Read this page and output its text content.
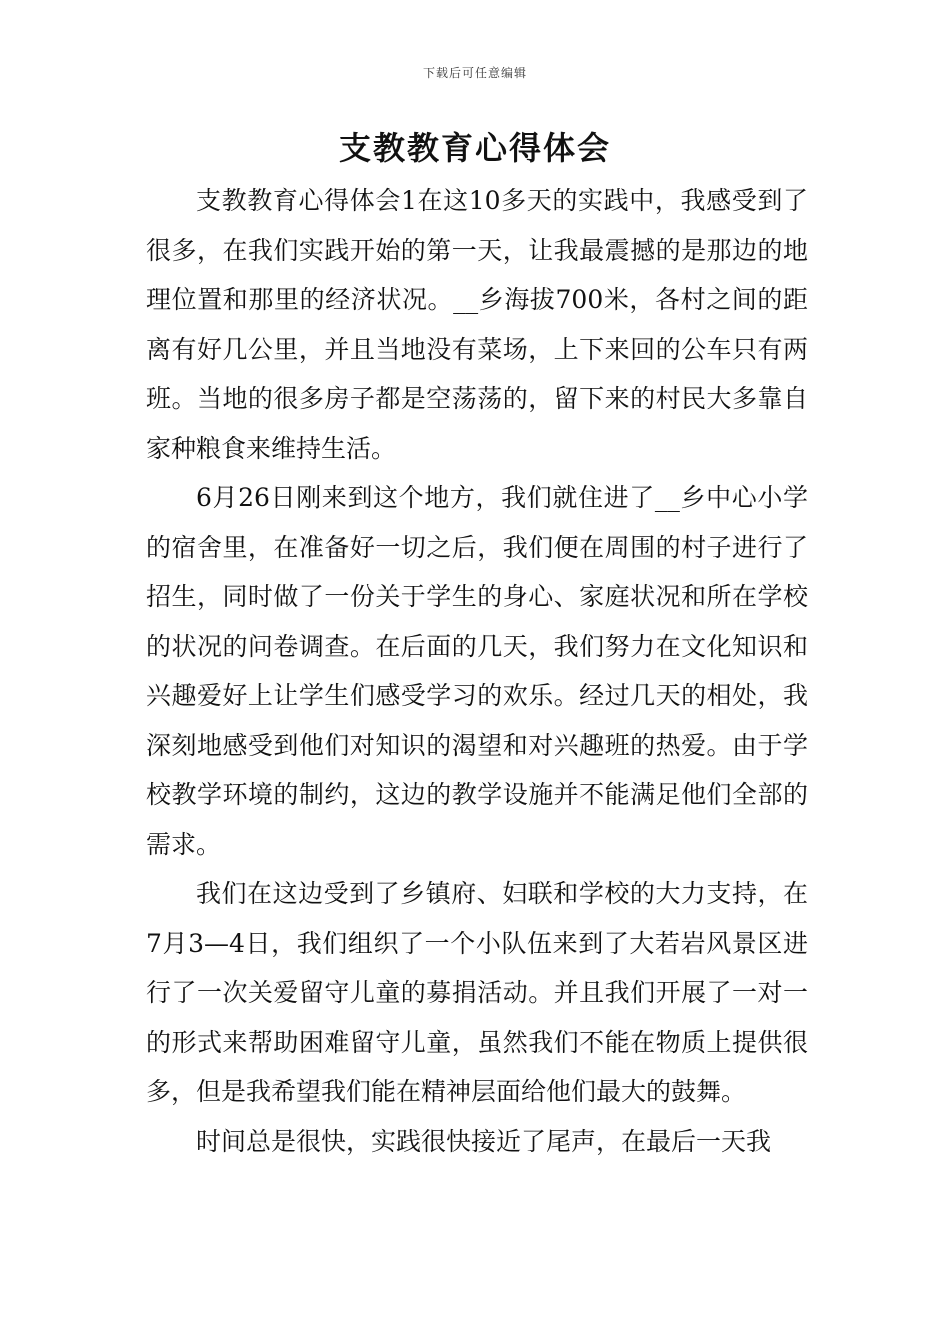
下载后可任意编辑
支教教育心得体会

支教教育心得体会1在这10多天的实践中，我感受到了很多，在我们实践开始的第一天，让我最震撼的是那边的地理位置和那里的经济状况。__乡海拔700米，各村之间的距离有好几公里，并且当地没有菜场，上下来回的公车只有两班。当地的很多房子都是空荡荡的，留下来的村民大多靠自家种粮食来维持生活。

6月26日刚来到这个地方，我们就住进了__乡中心小学的宿舍里，在准备好一切之后，我们便在周围的村子进行了招生，同时做了一份关于学生的身心、家庭状况和所在学校的状况的问卷调查。在后面的几天，我们努力在文化知识和兴趣爱好上让学生们感受学习的欢乐。经过几天的相处，我深刻地感受到他们对知识的渴望和对兴趣班的热爱。由于学校教学环境的制约，这边的教学设施并不能满足他们全部的需求。

我们在这边受到了乡镇府、妇联和学校的大力支持，在7月3—4日，我们组织了一个小队伍来到了大若岩风景区进行了一次关爱留守儿童的募捐活动。并且我们开展了一对一的形式来帮助困难留守儿童，虽然我们不能在物质上提供很多，但是我希望我们能在精神层面给他们最大的鼓舞。

时间总是很快，实践很快接近了尾声，在最后一天我
